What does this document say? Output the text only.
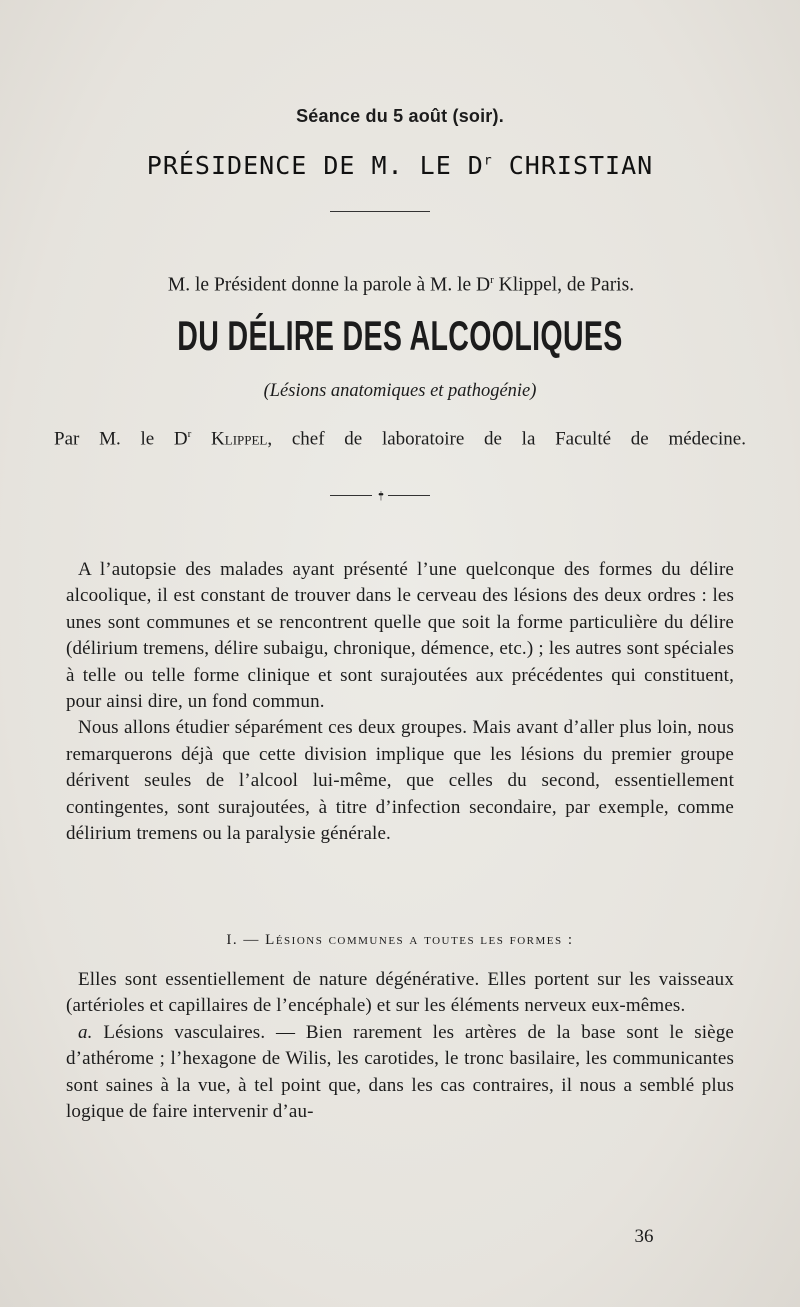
Séance du 5 août (soir).
PRÉSIDENCE DE M. LE $D^r$ CHRISTIAN
M. le Président donne la parole à M. le $D^r$ Klippel, de Paris.
DU DÉLIRE DES ALCOOLIQUES
(Lésions anatomiques et pathogénie)
Par M. le $D^r$ Klippel, chef de laboratoire de la Faculté de médecine.
•|•

A l’autopsie des malades ayant présenté l’une quelconque des formes du délire alcoolique, il est constant de trouver dans le cerveau des lésions des deux ordres : les unes sont communes et se rencontrent quelle que soit la forme particulière du délire (délirium tremens, délire subaigu, chronique, démence, etc.) ; les autres sont spéciales à telle ou telle forme clinique et sont surajoutées aux précédentes qui constituent, pour ainsi dire, un fond commun.

Nous allons étudier séparément ces deux groupes. Mais avant d’aller plus loin, nous remarquerons déjà que cette division implique que les lésions du premier groupe dérivent seules de l’alcool lui-même, que celles du second, essentiellement contingentes, sont surajoutées, à titre d’infection secondaire, par exemple, comme délirium tremens ou la paralysie générale.

I. — Lésions communes a toutes les formes :

Elles sont essentiellement de nature dégénérative. Elles portent sur les vaisseaux (artérioles et capillaires de l’encéphale) et sur les éléments nerveux eux-mêmes.

a. Lésions vasculaires. — Bien rarement les artères de la base sont le siège d’athérome ; l’hexagone de Wilis, les carotides, le tronc basilaire, les communicantes sont saines à la vue, à tel point que, dans les cas contraires, il nous a semblé plus logique de faire intervenir d’au-

36
